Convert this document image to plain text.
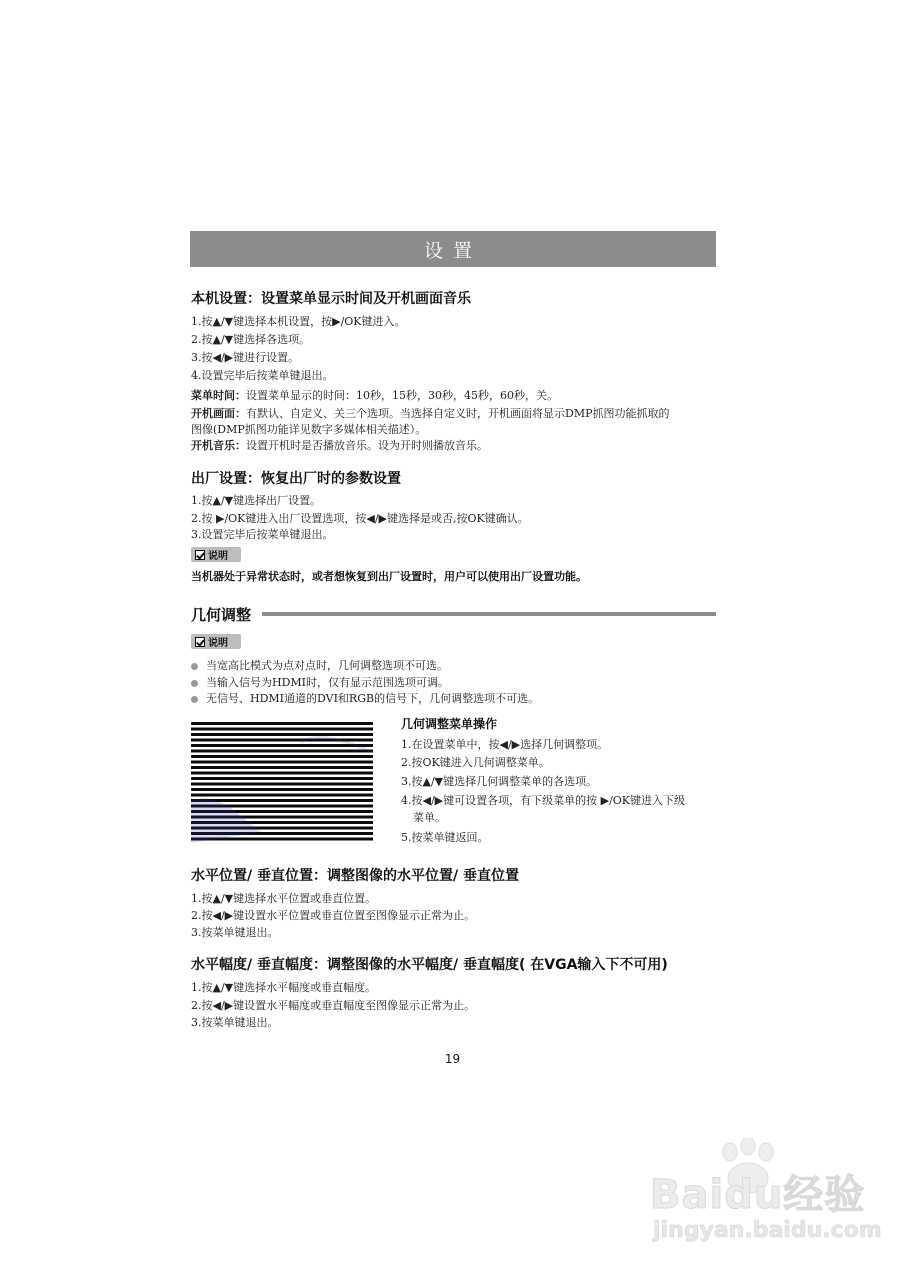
设置
本机设置：设置菜单显示时间及开机画面音乐
1.按▲/▼键选择本机设置，按▶/OK键进入。
2.按▲/▼键选择各选项。
3.按◀/▶键进行设置。
4.设置完毕后按菜单键退出。
菜单时间：设置菜单显示的时间：10秒，15秒，30秒，45秒，60秒，关。
开机画面：有默认、自定义、关三个选项。当选择自定义时，开机画面将显示DMP抓图功能抓取的
图像(DMP抓图功能详见数字多媒体相关描述）。
开机音乐：设置开机时是否播放音乐。设为开时则播放音乐。
出厂设置：恢复出厂时的参数设置
1.按▲/▼键选择出厂设置。
2.按 ▶/OK键进入出厂设置选项，按◀/▶键选择是或否,按OK键确认。
3.设置完毕后按菜单键退出。
说明
当机器处于异常状态时，或者想恢复到出厂设置时，用户可以使用出厂设置功能。
几何调整
说明
当宽高比模式为点对点时，几何调整选项不可选。
当输入信号为HDMI时，仅有显示范围选项可调。
无信号、HDMI通道的DVI和RGB的信号下，几何调整选项不可选。
几何调整菜单操作
1.在设置菜单中，按◀/▶选择几何调整项。
2.按OK键进入几何调整菜单。
3.按▲/▼键选择几何调整菜单的各选项。
4.按◀/▶键可设置各项，有下级菜单的按 ▶/OK键进入下级
菜单。
5.按菜单键返回。
水平位置/ 垂直位置：调整图像的水平位置/ 垂直位置
1.按▲/▼键选择水平位置或垂直位置。
2.按◀/▶键设置水平位置或垂直位置至图像显示正常为止。
3.按菜单键退出。
水平幅度/ 垂直幅度：调整图像的水平幅度/ 垂直幅度( 在VGA输入下不可用)
1.按▲/▼键选择水平幅度或垂直幅度。
2.按◀/▶键设置水平幅度或垂直幅度至图像显示正常为止。
3.按菜单键退出。
19
Baidu经验
jingyan.baidu.com
